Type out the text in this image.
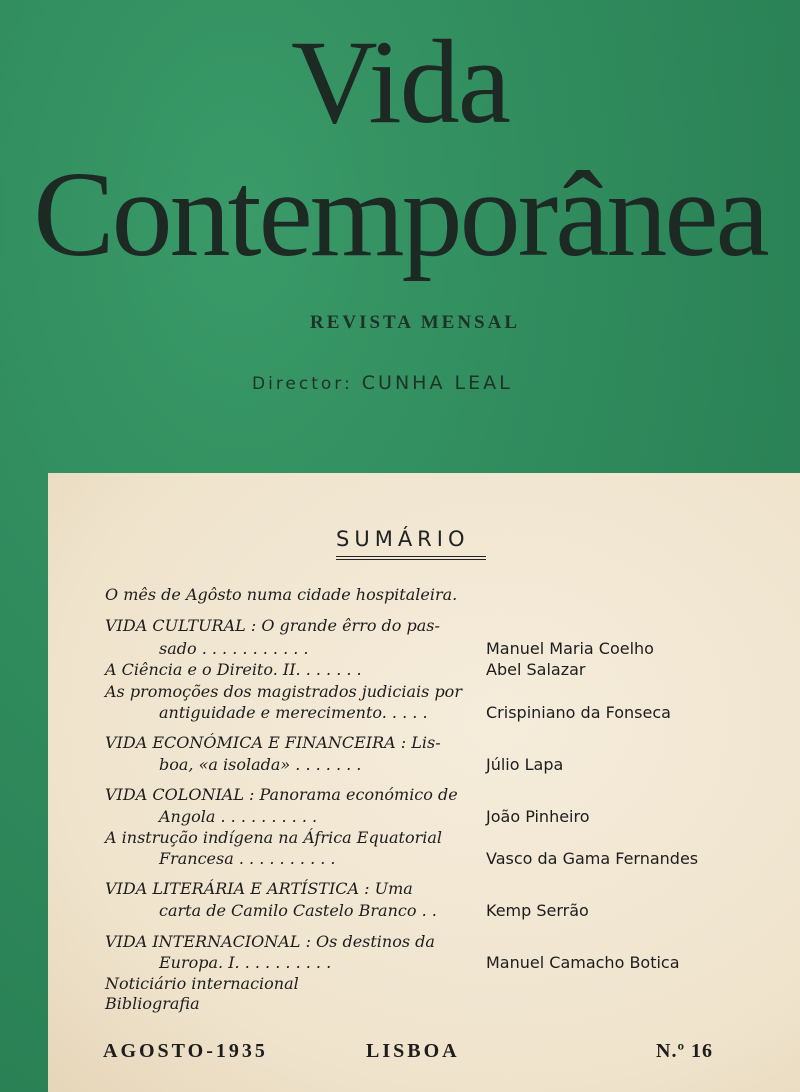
Vida
Contemporânea
REVISTA MENSAL
Director: CUNHA LEAL
SUMÁRIO
O mês de Agôsto numa cidade hospitaleira.
VIDA CULTURAL : O grande êrro do pas-
sado . . . . . . . . . . .	Manuel Maria Coelho
A Ciência e o Direito. II. . . . . . .	Abel Salazar
As promoções dos magistrados judiciais por
antiguidade e merecimento. . . . .	Crispiniano da Fonseca
VIDA ECONÓMICA E FINANCEIRA : Lis-
boa, «a isolada» . . . . . . .	Júlio Lapa
VIDA COLONIAL : Panorama económico de
Angola . . . . . . . . . .	João Pinheiro
A instrução indígena na África Equatorial
Francesa . . . . . . . . . .	Vasco da Gama Fernandes
VIDA LITERÁRIA E ARTÍSTICA : Uma
carta de Camilo Castelo Branco . .	Kemp Serrão
VIDA INTERNACIONAL : Os destinos da
Europa. I. . . . . . . . . .	Manuel Camacho Botica
Noticiário internacional
Bibliografia
AGOSTO-1935	LISBOA	N.º 16
